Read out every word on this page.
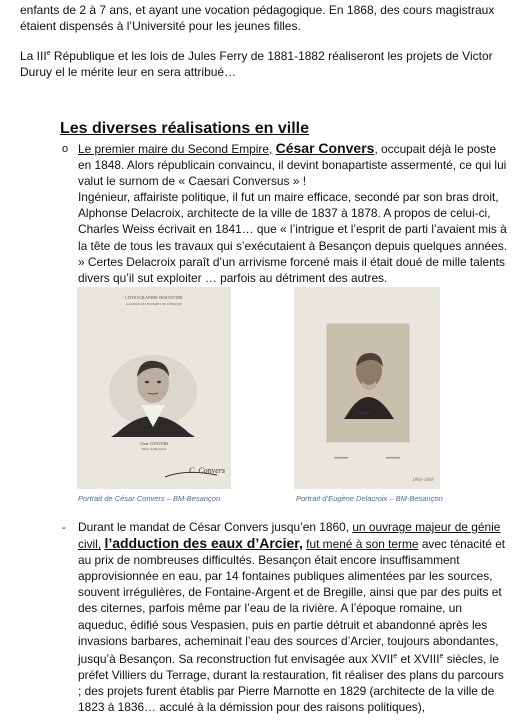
enfants de 2 à 7 ans, et ayant une vocation pédagogique. En 1868, des cours magistraux
étaient dispensés à l’Université pour les jeunes filles.

La IIIe République et les lois de Jules Ferry de 1881-1882 réaliseront les projets de Victor
Duruy el le mérite leur en sera attribué…

Les diverses réalisations en ville
o Le premier maire du Second Empire, César Convers, occupait déjà le poste en 1848. Alors républicain convaincu, il devint bonapartiste assermenté, ce qui lui valut le surnom de « Caesari Conversus » !
Ingénieur, affairiste politique, il fut un maire efficace, secondé par son bras droit, Alphonse Delacroix, architecte de la ville de 1837 à 1878. A propos de celui-ci, Charles Weiss écrivait en 1841… que « l’intrigue et l’esprit de parti l’avaient mis à la tête de tous les travaux qui s’exécutaient à Besançon depuis quelques années. » Certes Delacroix paraît d’un arrivisme forcené mais il était doué de mille talents divers qu’il sut exploiter … parfois au détriment des autres.

LITHOGRAPHIE BISONTINE
GALERIE DES HOMMES DE L'ÉPOQUE
César CONVERS
Maire de Besançon
C. Convers
1866-1868
Portrait de César Convers – BM-Besançon	Portrait d’Eugène Delacroix – BM-Besançon
- Durant le mandat de César Convers jusqu’en 1860, un ouvrage majeur de génie civil, l’adduction des eaux d’Arcier, fut mené à son terme avec ténacité et au prix de nombreuses difficultés. Besançon était encore insuffisamment approvisionnée en eau, par 14 fontaines publiques alimentées par les sources, souvent irrégulières, de Fontaine-Argent et de Bregille, ainsi que par des puits et des citernes, parfois même par l’eau de la rivière. A l’époque romaine, un aqueduc, édifié sous Vespasien, puis en partie détruit et abandonné après les invasions barbares, acheminait l’eau des sources d’Arcier, toujours abondantes, jusqu’à Besançon. Sa reconstruction fut envisagée aux XVIIe et XVIIIe siècles, le préfet Villiers du Terrage, durant la restauration, fit réaliser des plans du parcours ; des projets furent établis par Pierre Marnotte en 1829 (architecte de la ville de 1823 à 1836… acculé à la démission pour des raisons politiques),
